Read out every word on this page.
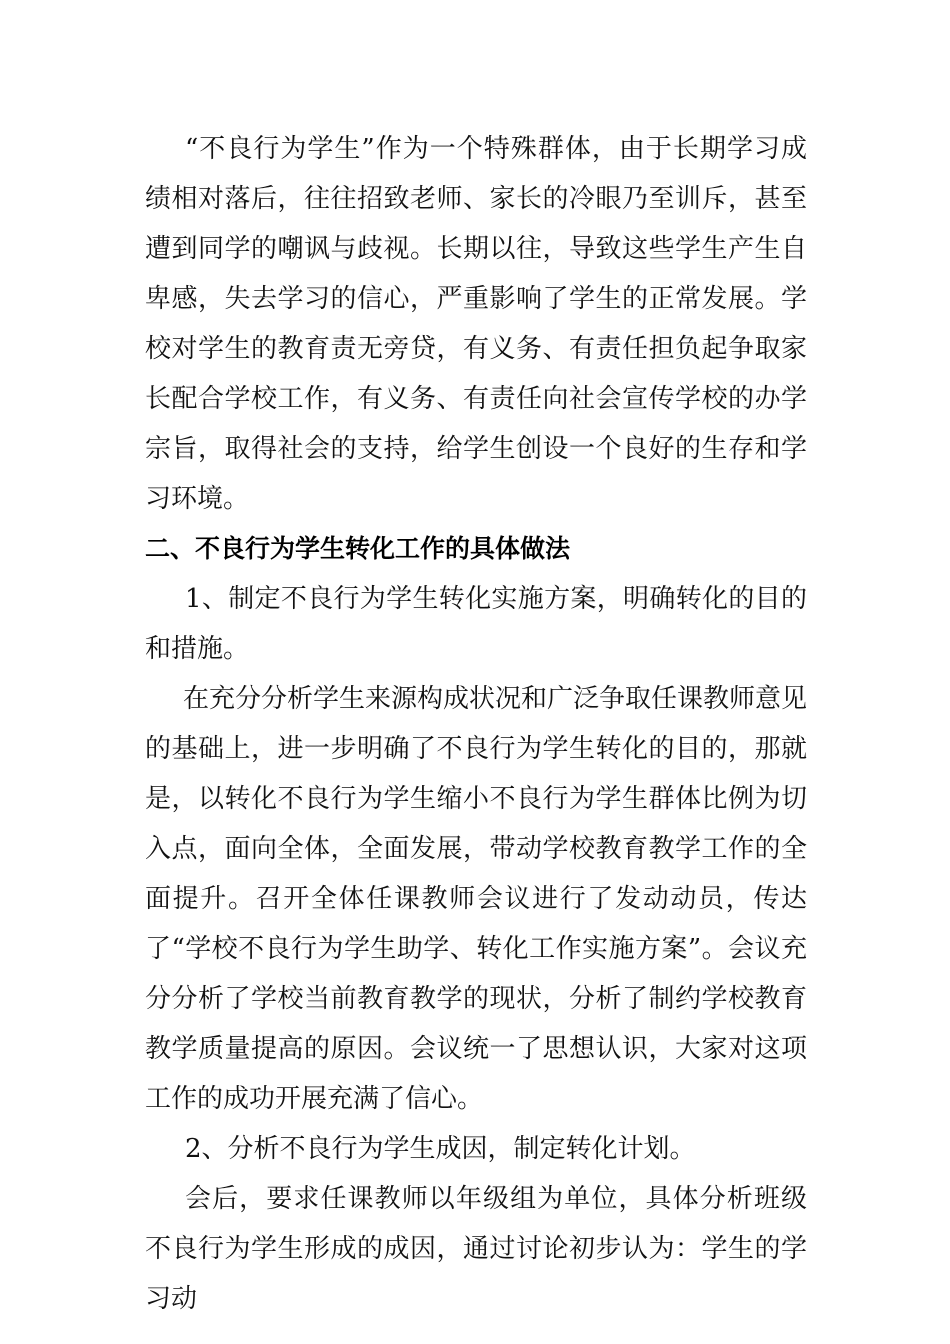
“不良行为学生”作为一个特殊群体，由于长期学习成绩相对落后，往往招致老师、家长的冷眼乃至训斥，甚至遭到同学的嘲讽与歧视。长期以往，导致这些学生产生自卑感，失去学习的信心，严重影响了学生的正常发展。学校对学生的教育责无旁贷，有义务、有责任担负起争取家长配合学校工作，有义务、有责任向社会宣传学校的办学宗旨，取得社会的支持，给学生创设一个良好的生存和学习环境。

二、不良行为学生转化工作的具体做法

1、制定不良行为学生转化实施方案，明确转化的目的和措施。

在充分分析学生来源构成状况和广泛争取任课教师意见的基础上，进一步明确了不良行为学生转化的目的，那就是，以转化不良行为学生缩小不良行为学生群体比例为切入点，面向全体，全面发展，带动学校教育教学工作的全面提升。召开全体任课教师会议进行了发动动员，传达了“学校不良行为学生助学、转化工作实施方案”。会议充分分析了学校当前教育教学的现状，分析了制约学校教育教学质量提高的原因。会议统一了思想认识，大家对这项工作的成功开展充满了信心。

2、分析不良行为学生成因，制定转化计划。

会后，要求任课教师以年级组为单位，具体分析班级不良行为学生形成的成因，通过讨论初步认为：学生的学习动
